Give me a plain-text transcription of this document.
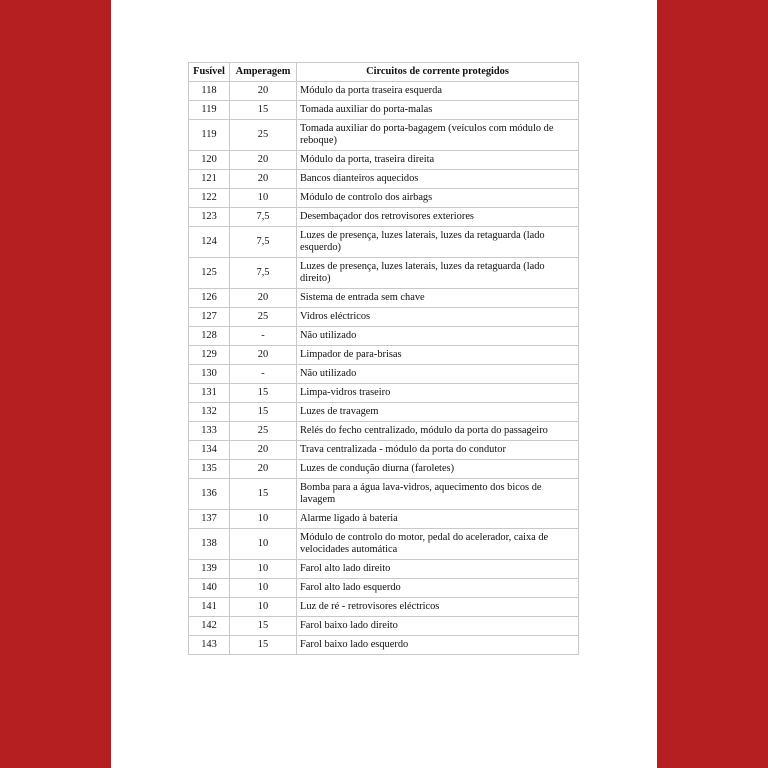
Fusível	Amperagem	Circuitos de corrente protegidos
118	20	Módulo da porta traseira esquerda
119	15	Tomada auxiliar do porta-malas
119	25	Tomada auxiliar do porta-bagagem (veículos com módulo de reboque)
120	20	Módulo da porta, traseira direita
121	20	Bancos dianteiros aquecidos
122	10	Módulo de controlo dos airbags
123	7,5	Desembaçador dos retrovisores exteriores
124	7,5	Luzes de presença, luzes laterais, luzes da retaguarda (lado esquerdo)
125	7,5	Luzes de presença, luzes laterais, luzes da retaguarda (lado direito)
126	20	Sistema de entrada sem chave
127	25	Vidros eléctricos
128	-	Não utilizado
129	20	Limpador de para-brisas
130	-	Não utilizado
131	15	Limpa-vidros traseiro
132	15	Luzes de travagem
133	25	Relés do fecho centralizado, módulo da porta do passageiro
134	20	Trava centralizada - módulo da porta do condutor
135	20	Luzes de condução diurna (faroletes)
136	15	Bomba para a água lava-vidros, aquecimento dos bicos de lavagem
137	10	Alarme ligado à bateria
138	10	Módulo de controlo do motor, pedal do acelerador, caixa de velocidades automática
139	10	Farol alto lado direito
140	10	Farol alto lado esquerdo
141	10	Luz de ré - retrovisores eléctricos
142	15	Farol baixo lado direito
143	15	Farol baixo lado esquerdo
